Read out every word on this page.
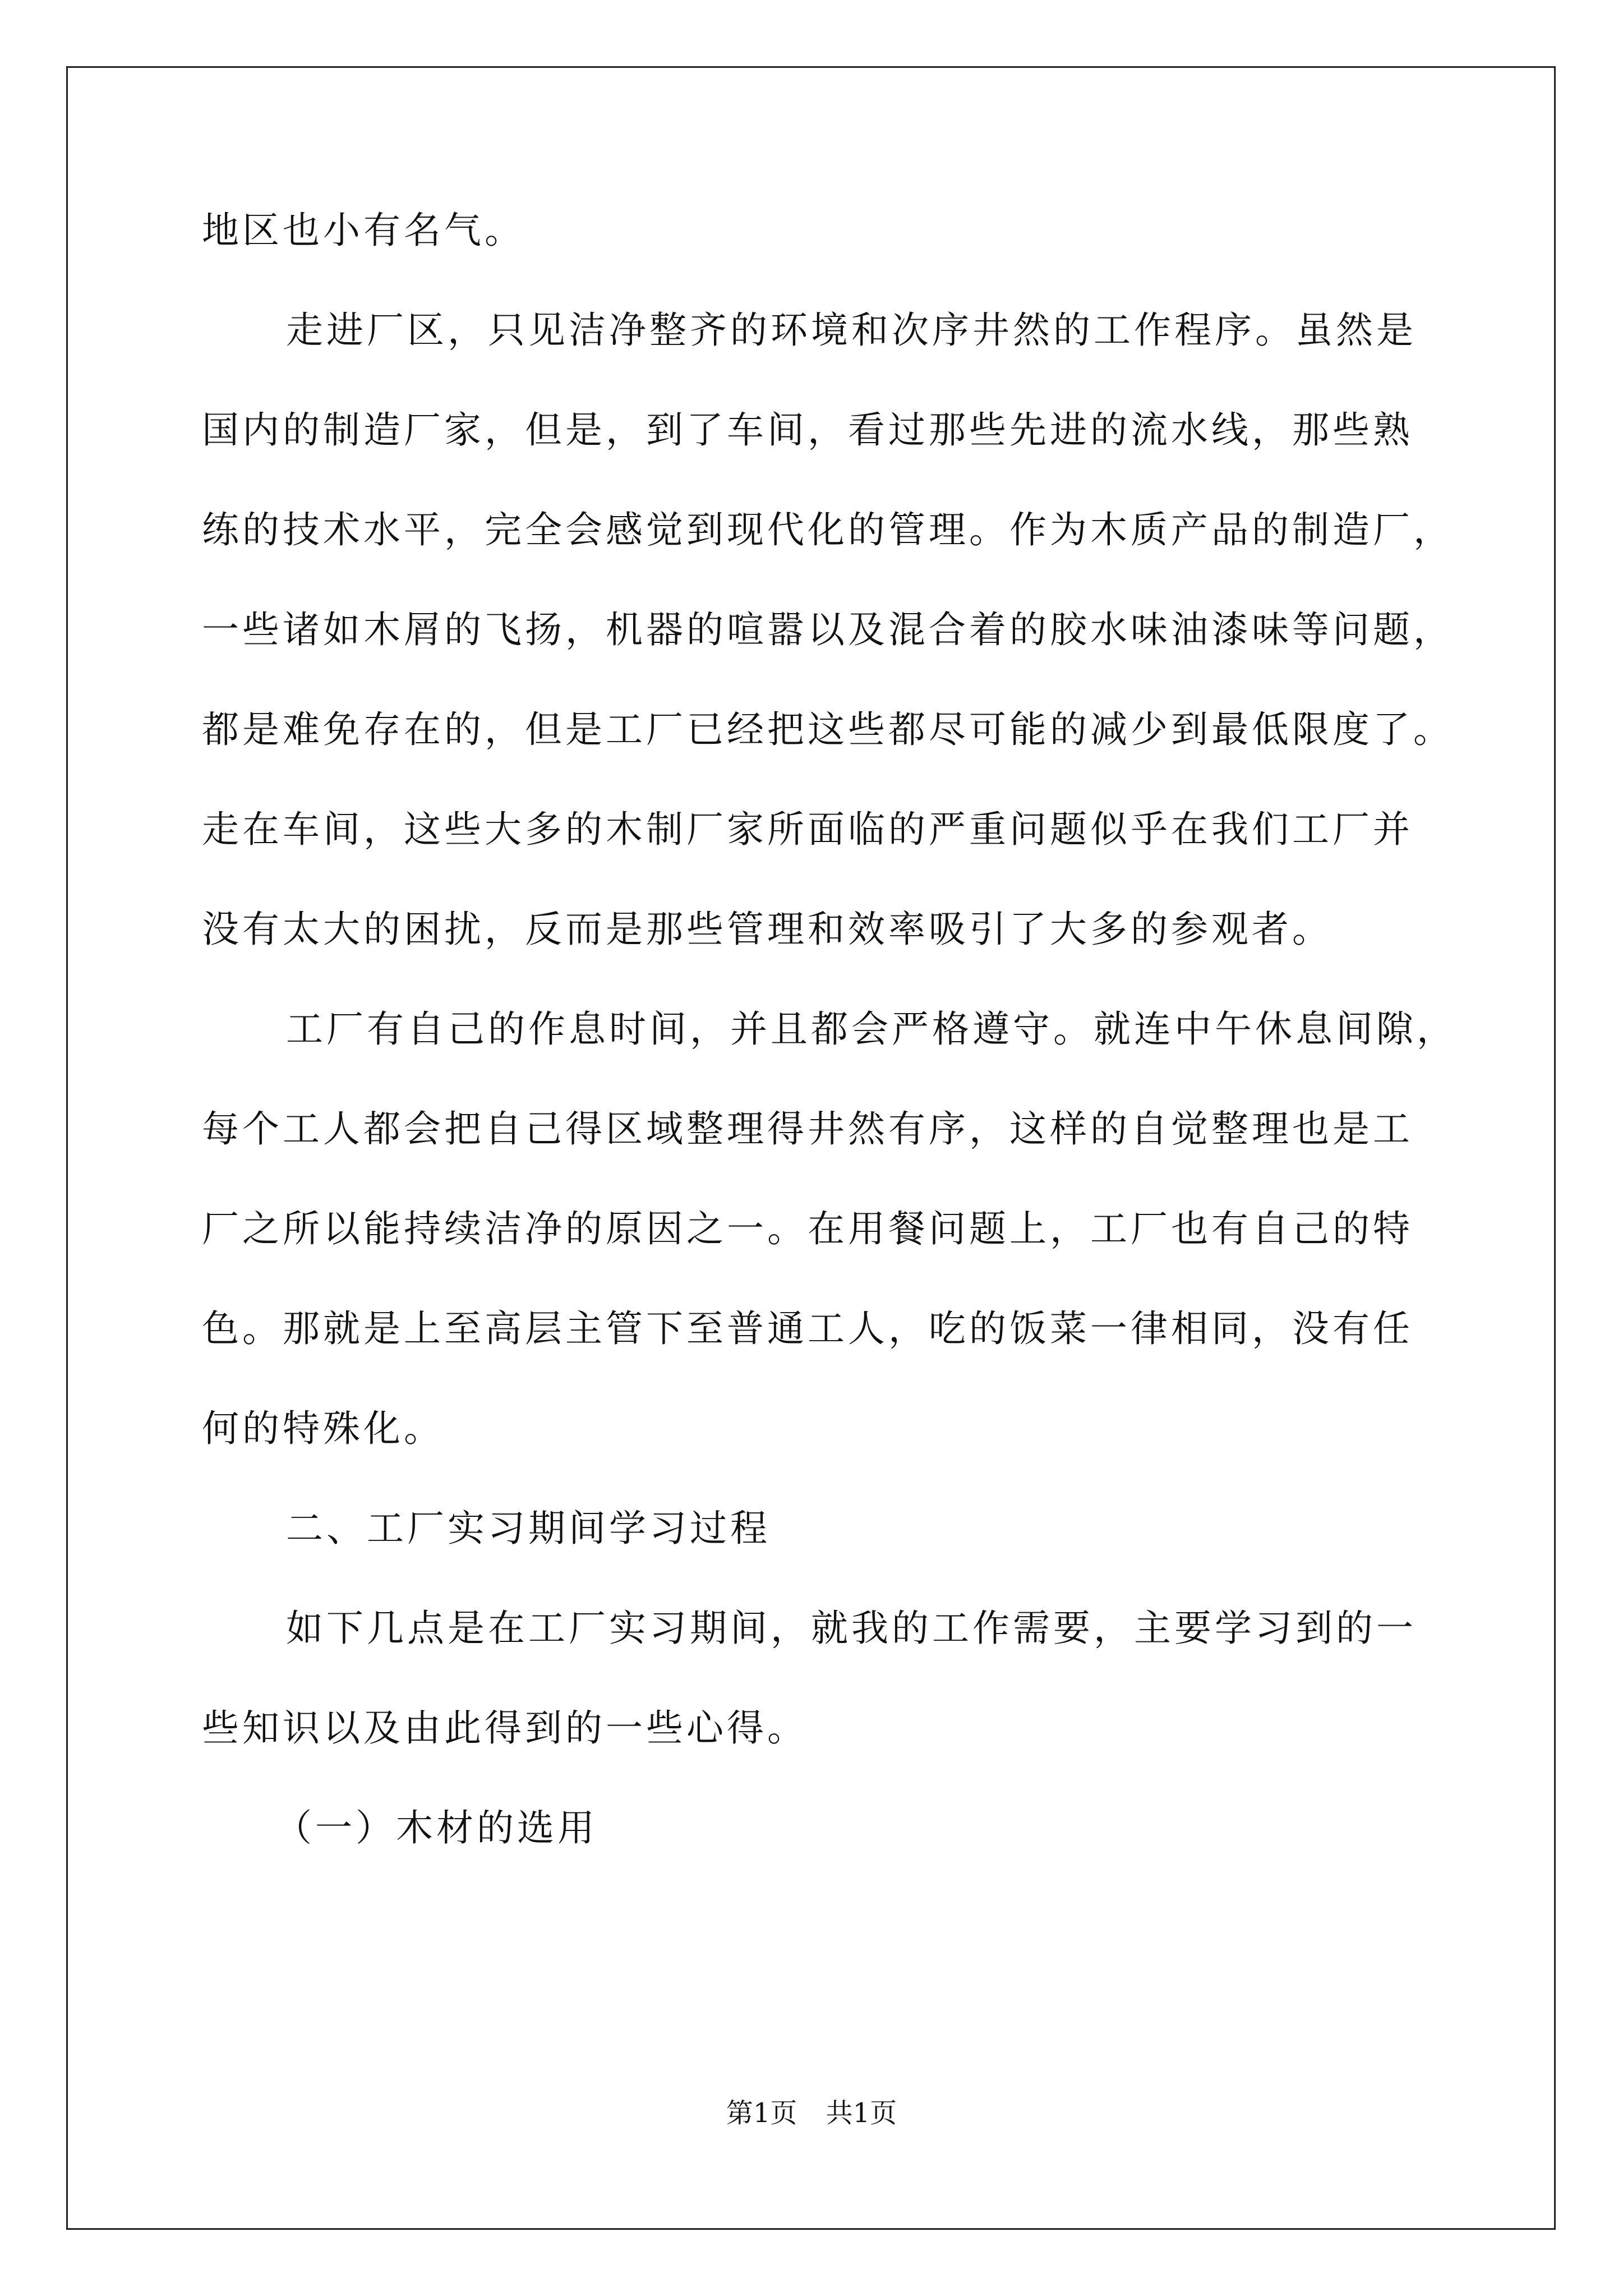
地区也小有名气。
走进厂区，只见洁净整齐的环境和次序井然的工作程序。虽然是
国内的制造厂家，但是，到了车间，看过那些先进的流水线，那些熟
练的技术水平，完全会感觉到现代化的管理。作为木质产品的制造厂，
一些诸如木屑的飞扬，机器的喧嚣以及混合着的胶水味油漆味等问题，
都是难免存在的，但是工厂已经把这些都尽可能的减少到最低限度了。
走在车间，这些大多的木制厂家所面临的严重问题似乎在我们工厂并
没有太大的困扰，反而是那些管理和效率吸引了大多的参观者。
工厂有自己的作息时间，并且都会严格遵守。就连中午休息间隙，
每个工人都会把自己得区域整理得井然有序，这样的自觉整理也是工
厂之所以能持续洁净的原因之一。在用餐问题上，工厂也有自己的特
色。那就是上至高层主管下至普通工人，吃的饭菜一律相同，没有任
何的特殊化。
二、工厂实习期间学习过程
如下几点是在工厂实习期间，就我的工作需要，主要学习到的一
些知识以及由此得到的一些心得。
（一）木材的选用
第1页 共1页
